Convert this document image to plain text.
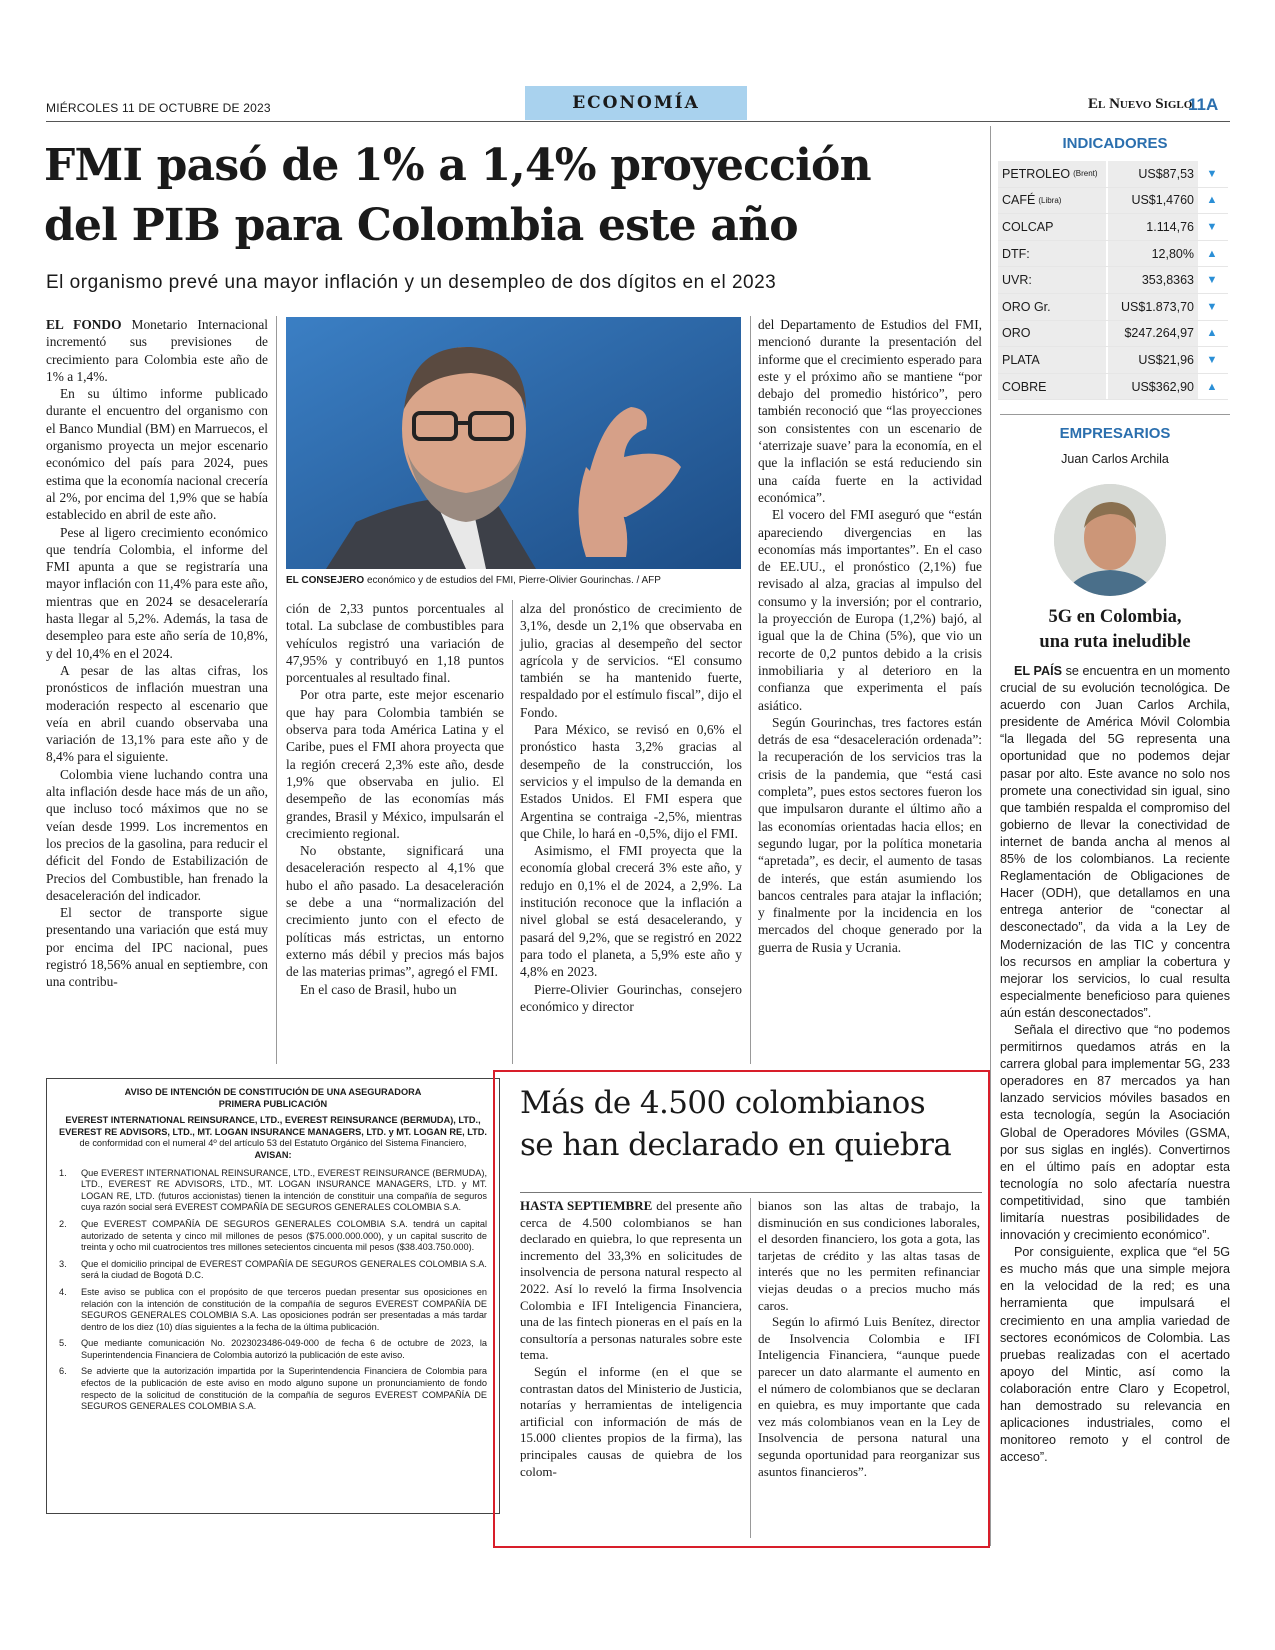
MIÉRCOLES 11 DE OCTUBRE DE 2023	ECONOMÍA	El Nuevo Siglo
11A
FMI pasó de 1% a 1,4% proyección
del PIB para Colombia este año
El organismo prevé una mayor inflación y un desempleo de dos dígitos en el 2023

EL FONDO Monetario Internacional incrementó sus previsiones de crecimiento para Colombia este año de 1% a 1,4%.

En su último informe publicado durante el encuentro del organismo con el Banco Mundial (BM) en Marruecos, el organismo proyecta un mejor escenario económico del país para 2024, pues estima que la economía nacional crecería al 2%, por encima del 1,9% que se había establecido en abril de este año.

Pese al ligero crecimiento económico que tendría Colombia, el informe del FMI apunta a que se registraría una mayor inflación con 11,4% para este año, mientras que en 2024 se desaceleraría hasta llegar al 5,2%. Además, la tasa de desempleo para este año sería de 10,8%, y del 10,4% en el 2024.

A pesar de las altas cifras, los pronósticos de inflación muestran una moderación respecto al escenario que veía en abril cuando observaba una variación de 13,1% para este año y de 8,4% para el siguiente.

Colombia viene luchando contra una alta inflación desde hace más de un año, que incluso tocó máximos que no se veían desde 1999. Los incrementos en los precios de la gasolina, para reducir el déficit del Fondo de Estabilización de Precios del Combustible, han frenado la desaceleración del indicador.

El sector de transporte sigue presentando una variación que está muy por encima del IPC nacional, pues registró 18,56% anual en septiembre, con una contribu-

EL CONSEJERO económico y de estudios del FMI, Pierre-Olivier Gourinchas. / AFP

ción de 2,33 puntos porcentuales al total. La subclase de combustibles para vehículos registró una variación de 47,95% y contribuyó en 1,18 puntos porcentuales al resultado final.

Por otra parte, este mejor escenario que hay para Colombia también se observa para toda América Latina y el Caribe, pues el FMI ahora proyecta que la región crecerá 2,3% este año, desde 1,9% que observaba en julio. El desempeño de las economías más grandes, Brasil y México, impulsarán el crecimiento regional.

No obstante, significará una desaceleración respecto al 4,1% que hubo el año pasado. La desaceleración se debe a una “normalización del crecimiento junto con el efecto de políticas más estrictas, un entorno externo más débil y precios más bajos de las materias primas”, agregó el FMI.

En el caso de Brasil, hubo un

alza del pronóstico de crecimiento de 3,1%, desde un 2,1% que observaba en julio, gracias al desempeño del sector agrícola y de servicios. “El consumo también se ha mantenido fuerte, respaldado por el estímulo fiscal”, dijo el Fondo.

Para México, se revisó en 0,6% el pronóstico hasta 3,2% gracias al desempeño de la construcción, los servicios y el impulso de la demanda en Estados Unidos. El FMI espera que Argentina se contraiga -2,5%, mientras que Chile, lo hará en -0,5%, dijo el FMI.

Asimismo, el FMI proyecta que la economía global crecerá 3% este año, y redujo en 0,1% el de 2024, a 2,9%. La institución reconoce que la inflación a nivel global se está desacelerando, y pasará del 9,2%, que se registró en 2022 para todo el planeta, a 5,9% este año y 4,8% en 2023.

Pierre-Olivier Gourinchas, consejero económico y director

del Departamento de Estudios del FMI, mencionó durante la presentación del informe que el crecimiento esperado para este y el próximo año se mantiene “por debajo del promedio histórico”, pero también reconoció que “las proyecciones son consistentes con un escenario de ‘aterrizaje suave’ para la economía, en el que la inflación se está reduciendo sin una caída fuerte en la actividad económica”.

El vocero del FMI aseguró que “están apareciendo divergencias en las economías más importantes”. En el caso de EE.UU., el pronóstico (2,1%) fue revisado al alza, gracias al impulso del consumo y la inversión; por el contrario, la proyección de Europa (1,2%) bajó, al igual que la de China (5%), que vio un recorte de 0,2 puntos debido a la crisis inmobiliaria y al deterioro en la confianza que experimenta el país asiático.

Según Gourinchas, tres factores están detrás de esa “desaceleración ordenada”: la recuperación de los servicios tras la crisis de la pandemia, que “está casi completa”, pues estos sectores fueron los que impulsaron durante el último año a las economías orientadas hacia ellos; en segundo lugar, por la política monetaria “apretada”, es decir, el aumento de tasas de interés, que están asumiendo los bancos centrales para atajar la inflación; y finalmente por la incidencia en los mercados del choque generado por la guerra de Rusia y Ucrania.

INDICADORES
PETROLEO (Brent)	US$87,53	▼
CAFÉ (Libra)	US$1,4760	▲
COLCAP	1.114,76	▼
DTF:	12,80%	▲
UVR:	353,8363	▼
ORO Gr.	US$1.873,70	▼
ORO	$247.264,97	▲
PLATA	US$21,96	▼
COBRE	US$362,90	▲
EMPRESARIOS
Juan Carlos Archila
5G en Colombia,
una ruta ineludible

EL PAÍS se encuentra en un momento crucial de su evolución tecnológica. De acuerdo con Juan Carlos Archila, presidente de América Móvil Colombia “la llegada del 5G representa una oportunidad que no podemos dejar pasar por alto. Este avance no solo nos promete una conectividad sin igual, sino que también respalda el compromiso del gobierno de llevar la conectividad de internet de banda ancha al menos al 85% de los colombianos. La reciente Reglamentación de Obligaciones de Hacer (ODH), que detallamos en una entrega anterior de “conectar al desconectado”, da vida a la Ley de Modernización de las TIC y concentra los recursos en ampliar la cobertura y mejorar los servicios, lo cual resulta especialmente beneficioso para quienes aún están desconectados”.

Señala el directivo que “no podemos permitirnos quedamos atrás en la carrera global para implementar 5G, 233 operadores en 87 mercados ya han lanzado servicios móviles basados en esta tecnología, según la Asociación Global de Operadores Móviles (GSMA, por sus siglas en inglés). Convertirnos en el último país en adoptar esta tecnología no solo afectaría nuestra competitividad, sino que también limitaría nuestras posibilidades de innovación y crecimiento económico”.

Por consiguiente, explica que “el 5G es mucho más que una simple mejora en la velocidad de la red; es una herramienta que impulsará el crecimiento en una amplia variedad de sectores económicos de Colombia. Las pruebas realizadas con el acertado apoyo del Mintic, así como la colaboración entre Claro y Ecopetrol, han demostrado su relevancia en aplicaciones industriales, como el monitoreo remoto y el control de acceso”.

AVISO DE INTENCIÓN DE CONSTITUCIÓN DE UNA ASEGURADORA
PRIMERA PUBLICACIÓN
EVEREST INTERNATIONAL REINSURANCE, LTD., EVEREST REINSURANCE (BERMUDA), LTD., EVEREST RE ADVISORS, LTD., MT. LOGAN INSURANCE MANAGERS, LTD. y MT. LOGAN RE, LTD. de conformidad con el numeral 4º del artículo 53 del Estatuto Orgánico del Sistema Financiero,
AVISAN:
1.	Que EVEREST INTERNATIONAL REINSURANCE, LTD., EVEREST REINSURANCE (BERMUDA), LTD., EVEREST RE ADVISORS, LTD., MT. LOGAN INSURANCE MANAGERS, LTD. y MT. LOGAN RE, LTD. (futuros accionistas) tienen la intención de constituir una compañía de seguros cuya razón social será EVEREST COMPAÑÍA DE SEGUROS GENERALES COLOMBIA S.A.
2.	Que EVEREST COMPAÑÍA DE SEGUROS GENERALES COLOMBIA S.A. tendrá un capital autorizado de setenta y cinco mil millones de pesos ($75.000.000.000), y un capital suscrito de treinta y ocho mil cuatrocientos tres millones setecientos cincuenta mil pesos ($38.403.750.000).
3.	Que el domicilio principal de EVEREST COMPAÑÍA DE SEGUROS GENERALES COLOMBIA S.A. será la ciudad de Bogotá D.C.
4.	Este aviso se publica con el propósito de que terceros puedan presentar sus oposiciones en relación con la intención de constitución de la compañía de seguros EVEREST COMPAÑÍA DE SEGUROS GENERALES COLOMBIA S.A. Las oposiciones podrán ser presentadas a más tardar dentro de los diez (10) días siguientes a la fecha de la última publicación.
5.	Que mediante comunicación No. 2023023486-049-000 de fecha 6 de octubre de 2023, la Superintendencia Financiera de Colombia autorizó la publicación de este aviso.
6.	Se advierte que la autorización impartida por la Superintendencia Financiera de Colombia para efectos de la publicación de este aviso en modo alguno supone un pronunciamiento de fondo respecto de la solicitud de constitución de la compañía de seguros EVEREST COMPAÑÍA DE SEGUROS GENERALES COLOMBIA S.A.
Más de 4.500 colombianos
se han declarado en quiebra

HASTA SEPTIEMBRE del presente año cerca de 4.500 colombianos se han declarado en quiebra, lo que representa un incremento del 33,3% en solicitudes de insolvencia de persona natural respecto al 2022. Así lo reveló la firma Insolvencia Colombia e IFI Inteligencia Financiera, una de las fintech pioneras en el país en la consultoría a personas naturales sobre este tema.

Según el informe (en el que se contrastan datos del Ministerio de Justicia, notarías y herramientas de inteligencia artificial con información de más de 15.000 clientes propios de la firma), las principales causas de quiebra de los colom-

bianos son las altas de trabajo, la disminución en sus condiciones laborales, el desorden financiero, los gota a gota, las tarjetas de crédito y las altas tasas de interés que no les permiten refinanciar viejas deudas o a precios mucho más caros.

Según lo afirmó Luis Benítez, director de Insolvencia Colombia e IFI Inteligencia Financiera, “aunque puede parecer un dato alarmante el aumento en el número de colombianos que se declaran en quiebra, es muy importante que cada vez más colombianos vean en la Ley de Insolvencia de persona natural una segunda oportunidad para reorganizar sus asuntos financieros”.
